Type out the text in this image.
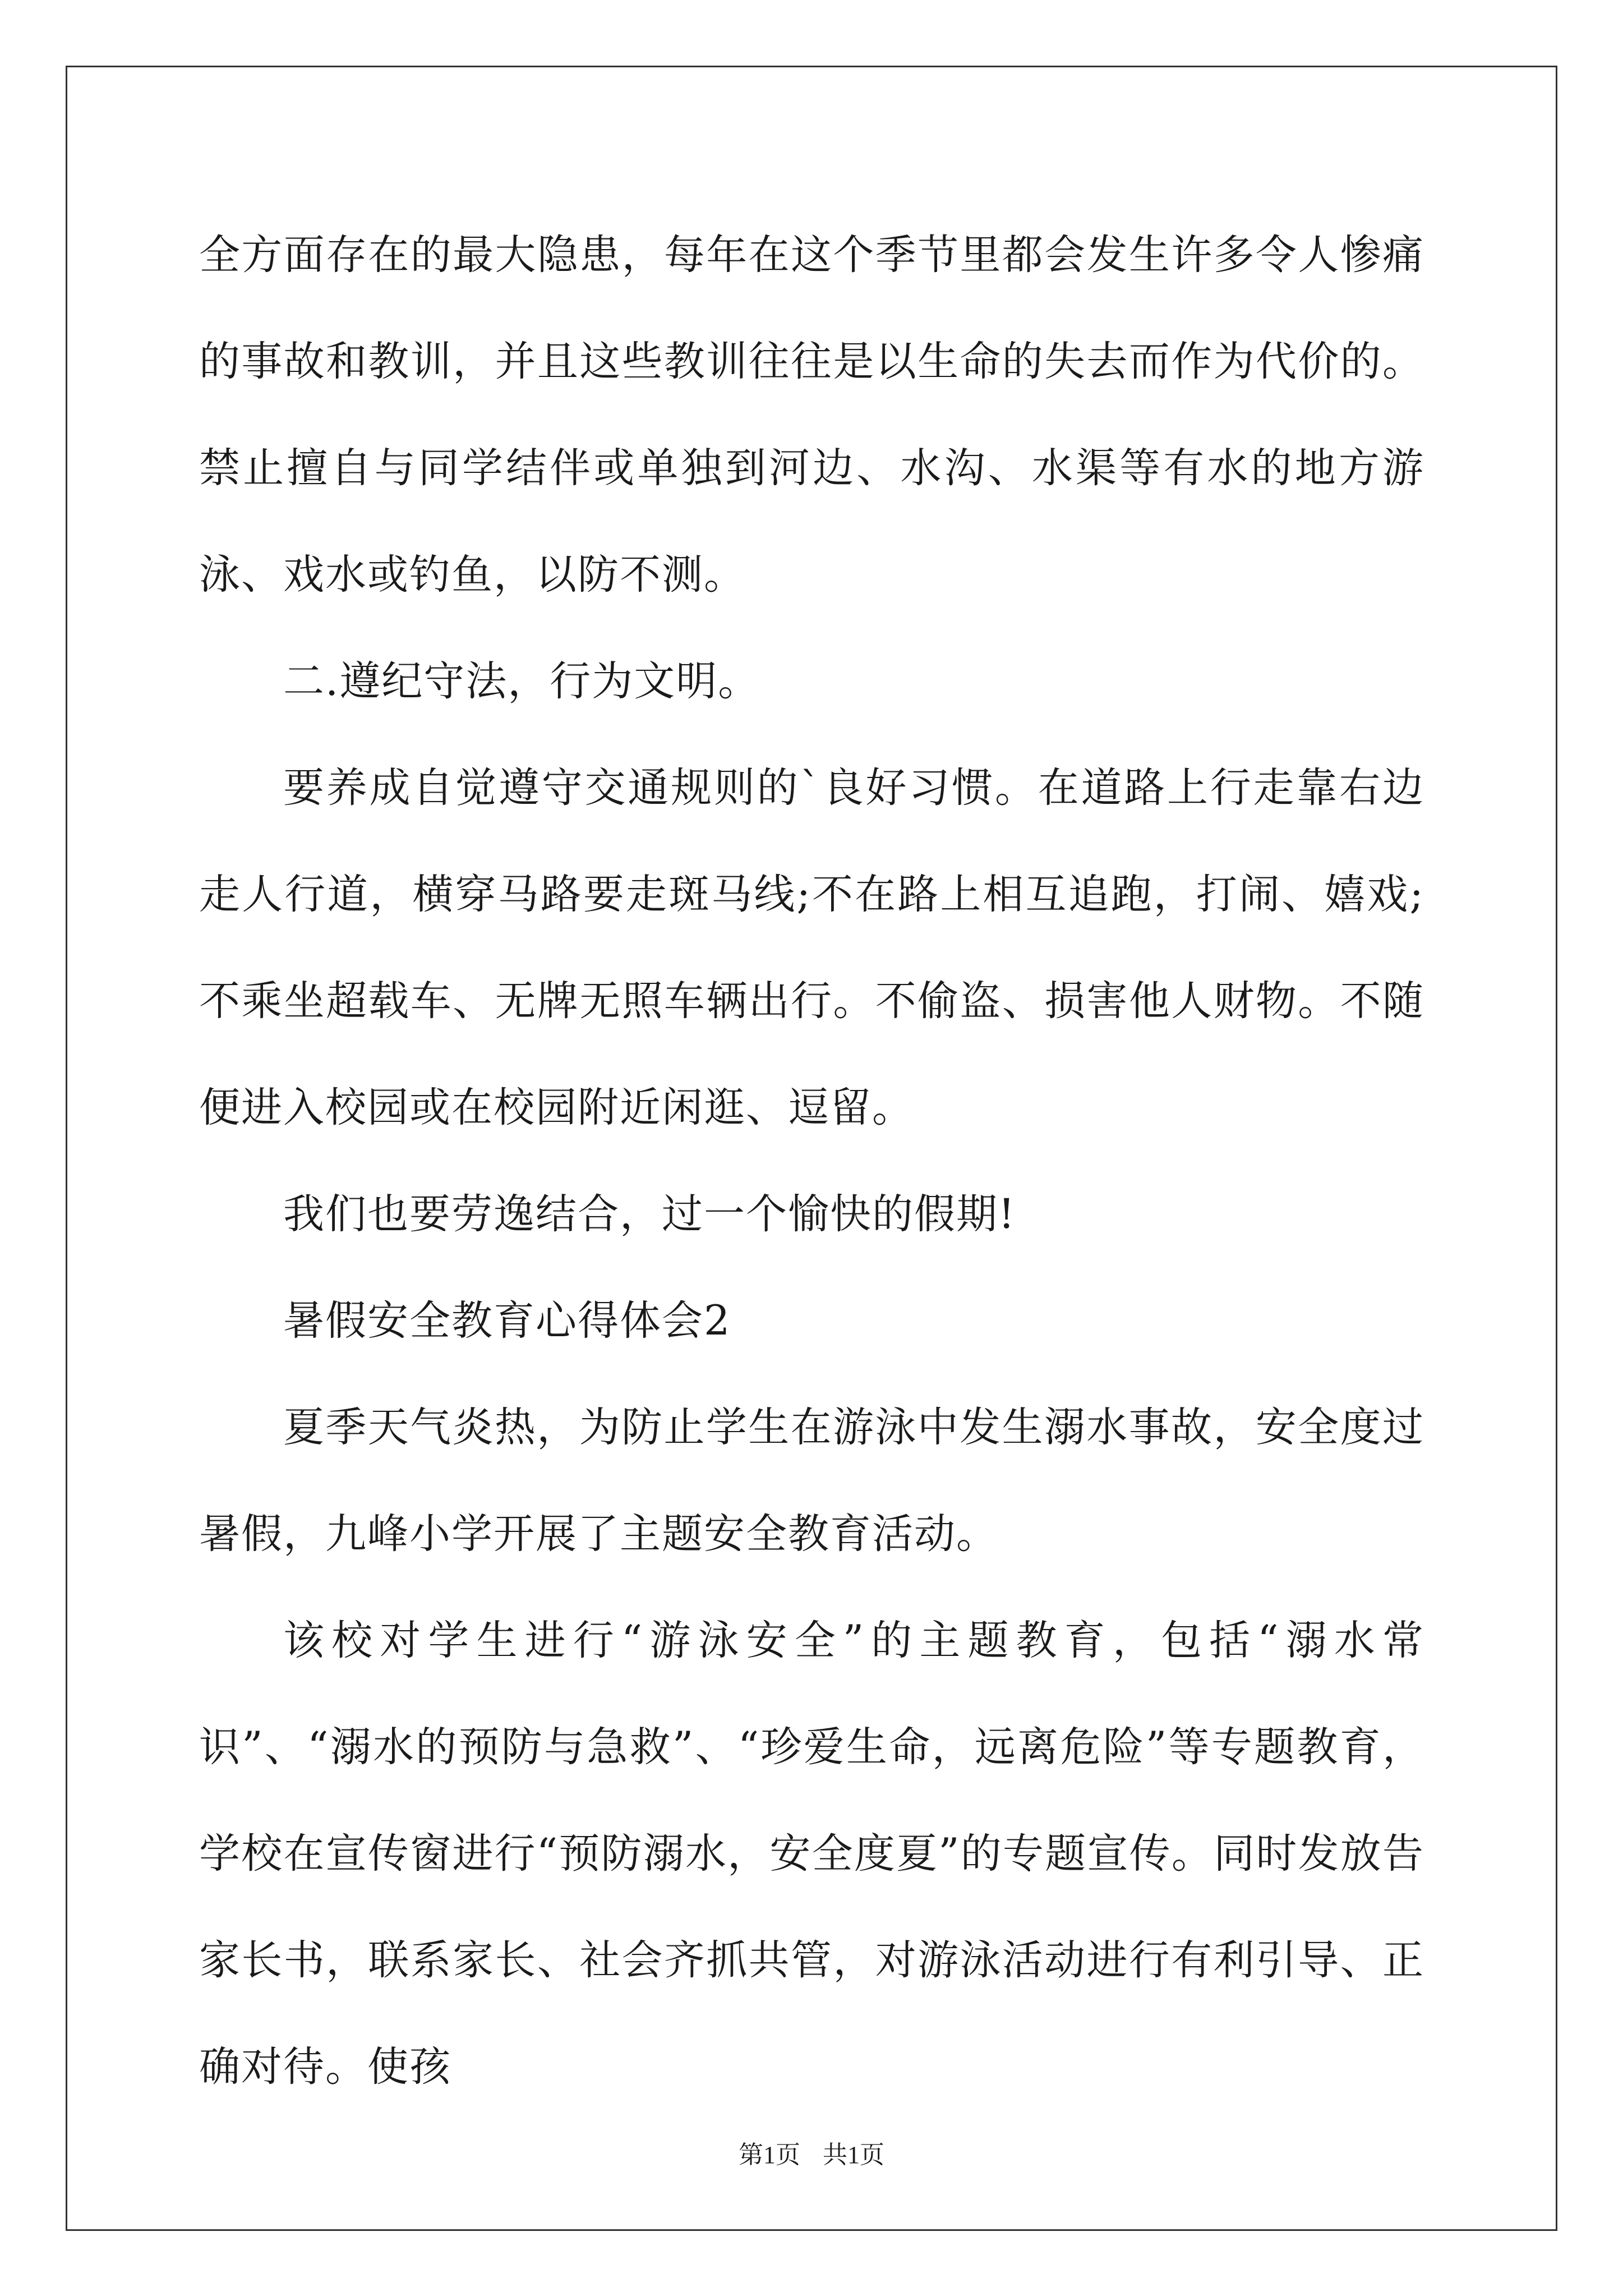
全方面存在的最大隐患，每年在这个季节里都会发生许多令人惨痛的事故和教训，并且这些教训往往是以生命的失去而作为代价的。禁止擅自与同学结伴或单独到河边、水沟、水渠等有水的地方游泳、戏水或钓鱼，以防不测。

二.遵纪守法，行为文明。

要养成自觉遵守交通规则的`良好习惯。在道路上行走靠右边走人行道，横穿马路要走斑马线;不在路上相互追跑，打闹、嬉戏;不乘坐超载车、无牌无照车辆出行。不偷盗、损害他人财物。不随便进入校园或在校园附近闲逛、逗留。

我们也要劳逸结合，过一个愉快的假期!

暑假安全教育心得体会2

夏季天气炎热，为防止学生在游泳中发生溺水事故，安全度过暑假，九峰小学开展了主题安全教育活动。

该校对学生进行“游泳安全”的主题教育，包括“溺水常识”、“溺水的预防与急救”、“珍爱生命，远离危险”等专题教育，学校在宣传窗进行“预防溺水，安全度夏”的专题宣传。同时发放告家长书，联系家长、社会齐抓共管，对游泳活动进行有利引导、正确对待。使孩

第1页 共1页
